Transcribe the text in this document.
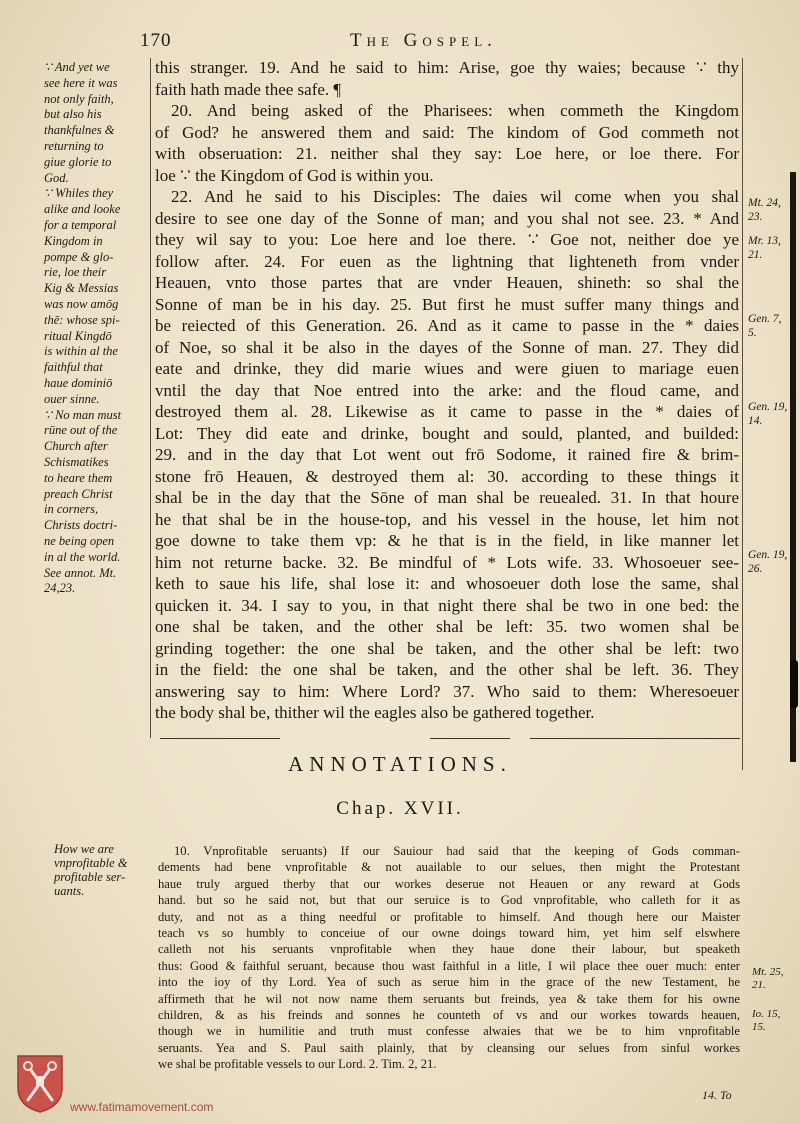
170	The Gospel.
∵ And yet we
see here it was
not only faith,
but also his
thankfulnes &
returning to
giue glorie to
God.
∵ Whiles they
alike and looke
for a temporal
Kingdom in
pompe & glo-
rie, loe their
Kig & Messias
was now amōg
thē: whose spi-
ritual Kingdō
is within al the
faithful that
haue dominiō
ouer sinne.
∵ No man must
rūne out of the
Church after
Schismatikes
to heare them
preach Christ
in corners,
Christs doctri-
ne being open
in al the world.
See annot. Mt.
24,23.
this stranger. 19. And he said to him: Arise, goe thy waies; because ∵ thy
faith hath made thee safe. ¶
20. And being asked of the Pharisees: when commeth the Kingdom
of God? he answered them and said: The kindom of God commeth not
with obseruation: 21. neither shal they say: Loe here, or loe there. For
loe ∵ the Kingdom of God is within you.
22. And he said to his Disciples: The daies wil come when you shal
desire to see one day of the Sonne of man; and you shal not see. 23. * And
they wil say to you: Loe here and loe there. ∵ Goe not, neither doe ye
follow after. 24. For euen as the lightning that lighteneth from vnder
Heauen, vnto those partes that are vnder Heauen, shineth: so shal the
Sonne of man be in his day. 25. But first he must suffer many things and
be reiected of this Generation. 26. And as it came to passe in the * daies
of Noe, so shal it be also in the dayes of the Sonne of man. 27. They did
eate and drinke, they did marie wiues and were giuen to mariage euen
vntil the day that Noe entred into the arke: and the floud came, and
destroyed them al. 28. Likewise as it came to passe in the * daies of
Lot: They did eate and drinke, bought and sould, planted, and builded:
29. and in the day that Lot went out frō Sodome, it rained fire & brim-
stone frō Heauen, & destroyed them al: 30. according to these things it
shal be in the day that the Sōne of man shal be reuealed. 31. In that houre
he that shal be in the house-top, and his vessel in the house, let him not
goe downe to take them vp: & he that is in the field, in like manner let
him not returne backe. 32. Be mindful of * Lots wife. 33. Whosoeuer see-
keth to saue his life, shal lose it: and whosoeuer doth lose the same, shal
quicken it. 34. I say to you, in that night there shal be two in one bed: the
one shal be taken, and the other shal be left: 35. two women shal be
grinding together: the one shal be taken, and the other shal be left: two
in the field: the one shal be taken, and the other shal be left. 36. They
answering say to him: Where Lord? 37. Who said to them: Wheresoeuer
the body shal be, thither wil the eagles also be gathered together.
Mt. 24,
23.
Mr. 13,
21.
Gen. 7,
5.
Gen. 19,
14.
Gen. 19,
26.
ANNOTATIONS.
Chap. XVII.
How we are
vnprofitable &
profitable ser-
uants.
10. Vnprofitable seruants) If our Sauiour had said that the keeping of Gods comman-
dements had bene vnprofitable & not auailable to our selues, then might the Protestant
haue truly argued therby that our workes deserue not Heauen or any reward at Gods
hand. but so he said not, but that our seruice is to God vnprofitable, who calleth for it as
duty, and not as a thing needful or profitable to himself. And though here our Maister
teach vs so humbly to conceiue of our owne doings toward him, yet him self elswhere
calleth not his seruants vnprofitable when they haue done their labour, but speaketh
thus: Good & faithful seruant, because thou wast faithful in a litle, I wil place thee ouer much: enter
into the ioy of thy Lord. Yea of such as serue him in the grace of the new Testament, he
affirmeth that he wil not now name them seruants but freinds, yea & take them for his owne
children, & as his freinds and sonnes he counteth of vs and our workes towards heauen,
though we in humilitie and truth must confesse alwaies that we be to him vnprofitable
seruants. Yea and S. Paul saith plainly, that by cleansing our selues from sinful workes
we shal be profitable vessels to our Lord. 2. Tim. 2, 21.
Mt. 25,
21.
Io. 15,
15.
14. To
www.fatimamovement.com
